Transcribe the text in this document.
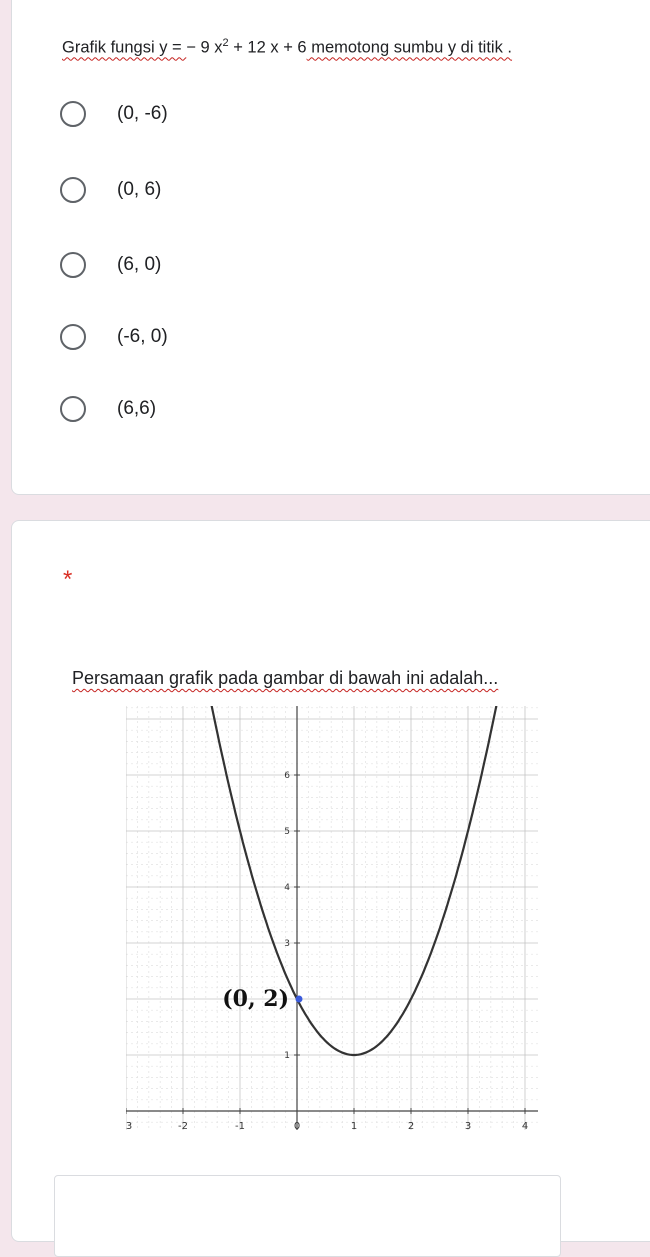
Grafik fungsi y = − 9 $x^2 + 12$ x + 6 memotong sumbu y di titik .

(0, -6)
(0, 6)
(6, 0)
(-6, 0)
(6,6)
*

Persamaan grafik pada gambar di bawah ini adalah...

3	-2	-1	0	1	2	3	4
1
3
4
5
6
(0, 2)
